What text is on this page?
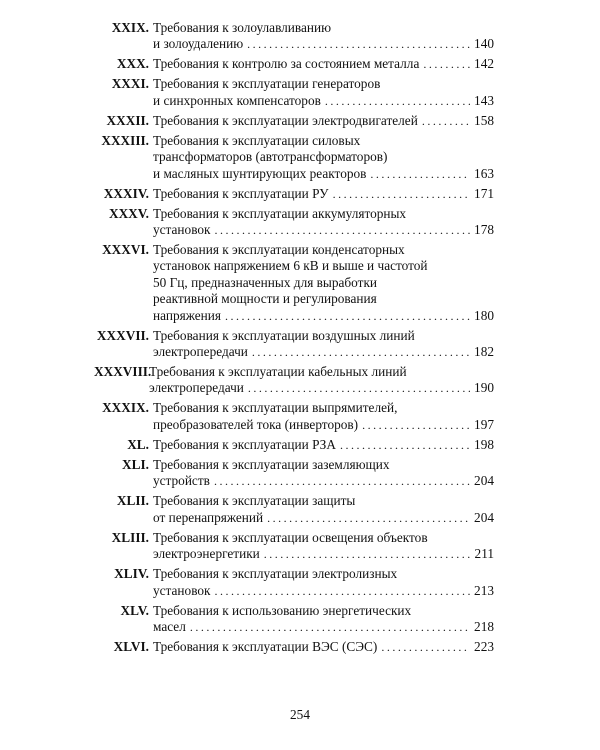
XXIX. Требования к золоулавливанию
и золоудалению .....	140
XXX. Требования к контролю за состоянием металла .....	142
XXXI. Требования к эксплуатации генераторов
и синхронных компенсаторов .....	143
XXXII. Требования к эксплуатации электродвигателей .....	158
XXXIII. Требования к эксплуатации силовых
трансформаторов (автотрансформаторов)
и масляных шунтирующих реакторов .....	163
XXXIV. Требования к эксплуатации РУ .....	171
XXXV. Требования к эксплуатации аккумуляторных
установок .....	178
XXXVI. Требования к эксплуатации конденсаторных
установок напряжением 6 кВ и выше и частотой
50 Гц, предназначенных для выработки
реактивной мощности и регулирования
напряжения .....	180
XXXVII. Требования к эксплуатации воздушных линий
электропередачи .....	182
XXXVIII.
Требования к эксплуатации кабельных линий
электропередачи .....	190
XXXIX. Требования к эксплуатации выпрямителей,
преобразователей тока (инверторов) .....	197
XL. Требования к эксплуатации РЗА .....	198
XLI. Требования к эксплуатации заземляющих
устройств .....	204
XLII. Требования к эксплуатации защиты
от перенапряжений .....	204
XLIII. Требования к эксплуатации освещения объектов
электроэнергетики .....	211
XLIV. Требования к эксплуатации электролизных
установок .....	213
XLV. Требования к использованию энергетических
масел .....	218
XLVI. Требования к эксплуатации ВЭС (СЭС) .....	223
254
